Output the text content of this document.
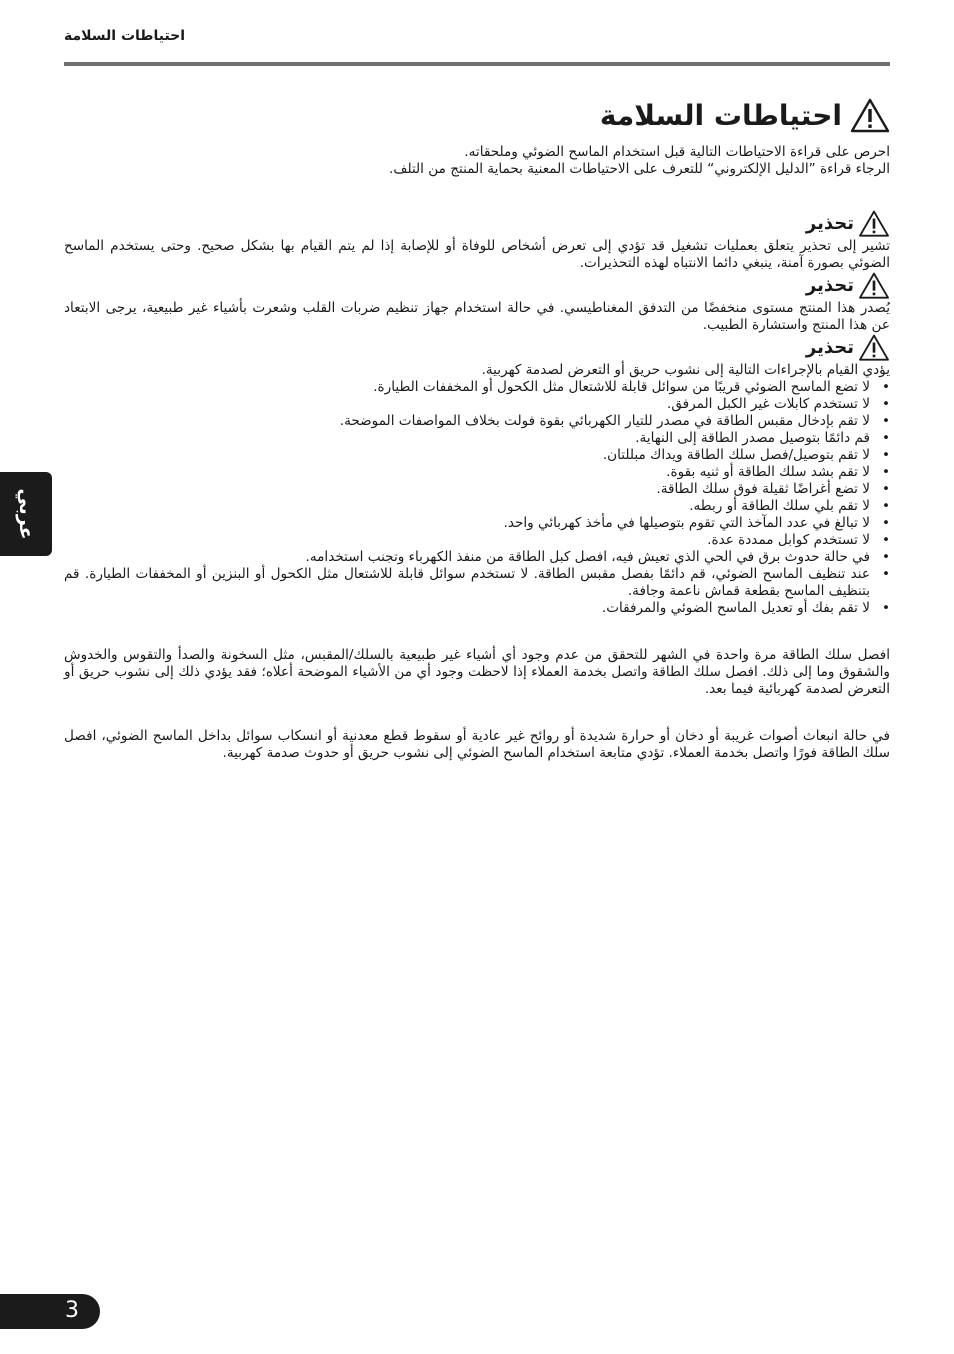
احتياطات السلامة
عربي
احتياطات السلامة

احرص على قراءة الاحتياطات التالية قبل استخدام الماسح الضوئي وملحقاته.

الرجاء قراءة ”الدليل الإلكتروني“ للتعرف على الاحتياطات المعنية بحماية المنتج من التلف.

تحذير

تشير إلى تحذير يتعلق بعمليات تشغيل قد تؤدي إلى تعرض أشخاص للوفاة أو للإصابة إذا لم يتم القيام بها بشكل صحيح. وحتى يستخدم الماسح الضوئي بصورة آمنة، ينبغي دائما الانتباه لهذه التحذيرات.

تحذير

يُصدر هذا المنتج مستوى منخفضًا من التدفق المغناطيسي. في حالة استخدام جهاز تنظيم ضربات القلب وشعرت بأشياء غير طبيعية، يرجى الابتعاد عن هذا المنتج واستشارة الطبيب.

تحذير

يؤدي القيام بالإجراءات التالية إلى نشوب حريق أو التعرض لصدمة كهربية.

• لا تضع الماسح الضوئي قريبًا من سوائل قابلة للاشتعال مثل الكحول أو المخففات الطيارة.
• لا تستخدم كابلات غير الكبل المرفق.
• لا تقم بإدخال مقبس الطاقة في مصدر للتيار الكهربائي بقوة فولت بخلاف المواصفات الموضحة.
• قم دائمًا بتوصيل مصدر الطاقة إلى النهاية.
• لا تقم بتوصيل/فصل سلك الطاقة ويداك مبللتان.
• لا تقم بشد سلك الطاقة أو ثنيه بقوة.
• لا تضع أغراضًا ثقيلة فوق سلك الطاقة.
• لا تقم بلي سلك الطاقة أو ربطه.
• لا تبالغ في عدد المآخذ التي تقوم بتوصيلها في مأخذ كهربائي واحد.
• لا تستخدم كوابل ممددة عدة.
• في حالة حدوث برق في الحي الذي تعيش فيه، افصل كبل الطاقة من منفذ الكهرباء وتجنب استخدامه.
• عند تنظيف الماسح الضوئي، قم دائمًا بفصل مقبس الطاقة. لا تستخدم سوائل قابلة للاشتعال مثل الكحول أو البنزين أو المخففات الطيارة. قم بتنظيف الماسح بقطعة قماش ناعمة وجافة.
• لا تقم بفك أو تعديل الماسح الضوئي والمرفقات.

افصل سلك الطاقة مرة واحدة في الشهر للتحقق من عدم وجود أي أشياء غير طبيعية بالسلك/المقبس، مثل السخونة والصدأ والتقوس والخدوش والشقوق وما إلى ذلك. افصل سلك الطاقة واتصل بخدمة العملاء إذا لاحظت وجود أي من الأشياء الموضحة أعلاه؛ فقد يؤدي ذلك إلى نشوب حريق أو التعرض لصدمة كهربائية فيما بعد.

في حالة انبعاث أصوات غريبة أو دخان أو حرارة شديدة أو روائح غير عادية أو سقوط قطع معدنية أو انسكاب سوائل بداخل الماسح الضوئي، افصل سلك الطاقة فورًا واتصل بخدمة العملاء. تؤدي متابعة استخدام الماسح الضوئي إلى نشوب حريق أو حدوث صدمة كهربية.

3
